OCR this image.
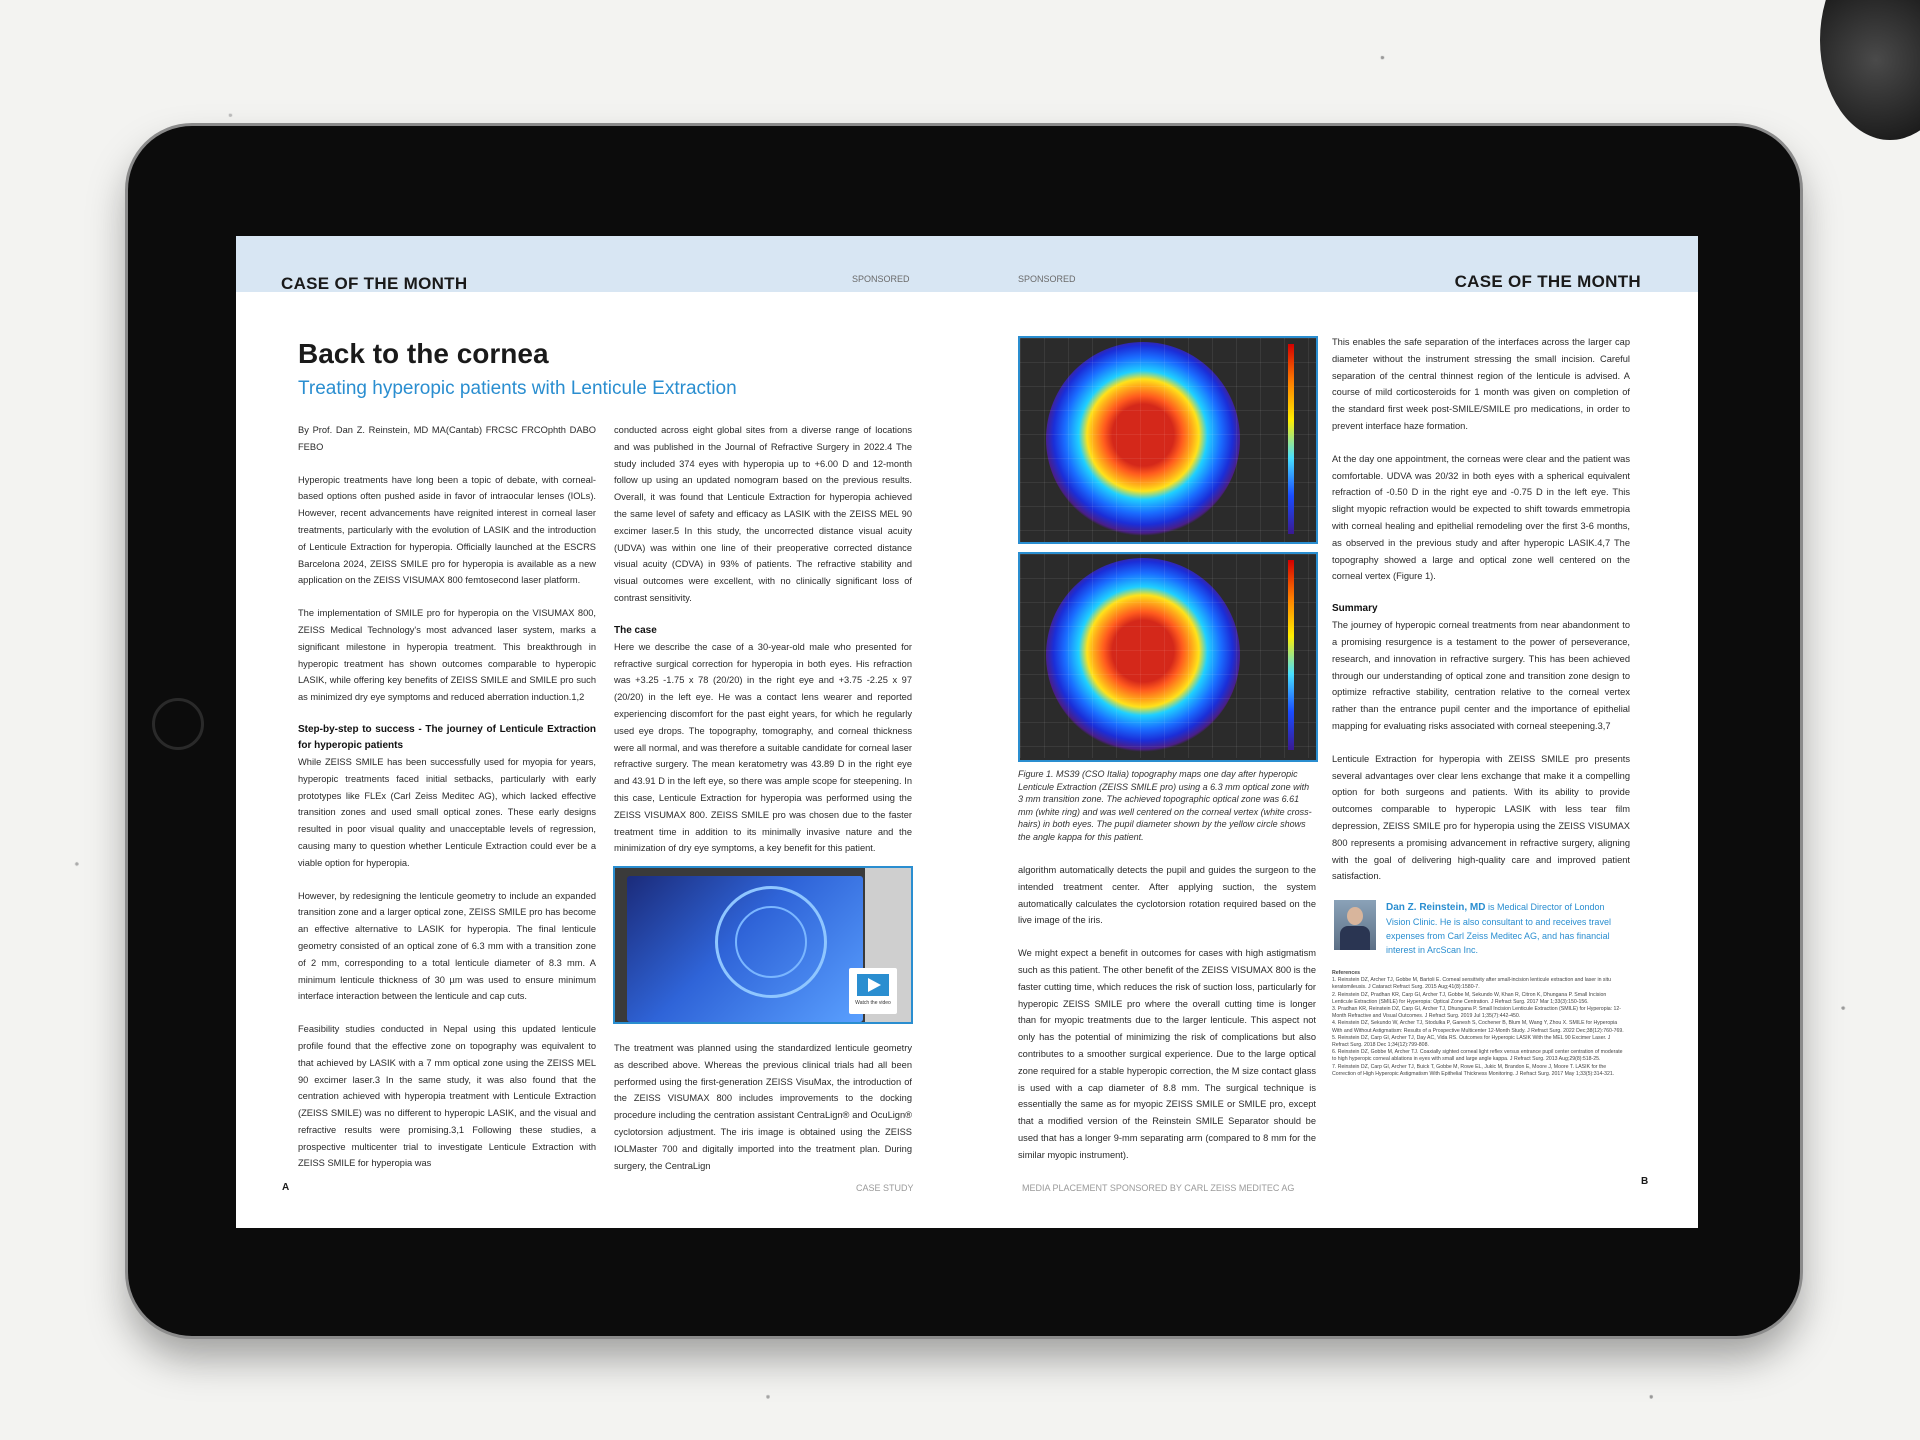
CASE OF THE MONTH	SPONSORED	SPONSORED	CASE OF THE MONTH
Back to the cornea
Treating hyperopic patients with Lenticule Extraction

By Prof. Dan Z. Reinstein, MD MA(Cantab) FRCSC FRCOphth DABO FEBO

Hyperopic treatments have long been a topic of debate, with corneal-based options often pushed aside in favor of intraocular lenses (IOLs). However, recent advancements have reignited interest in corneal laser treatments, particularly with the evolution of LASIK and the introduction of Lenticule Extraction for hyperopia. Officially launched at the ESCRS Barcelona 2024, ZEISS SMILE pro for hyperopia is available as a new application on the ZEISS VISUMAX 800 femtosecond laser platform.

The implementation of SMILE pro for hyperopia on the VISUMAX 800, ZEISS Medical Technology's most advanced laser system, marks a significant milestone in hyperopia treatment. This breakthrough in hyperopic treatment has shown outcomes comparable to hyperopic LASIK, while offering key benefits of ZEISS SMILE and SMILE pro such as minimized dry eye symptoms and reduced aberration induction.1,2

Step-by-step to success - The journey of Lenticule Extraction for hyperopic patients

While ZEISS SMILE has been successfully used for myopia for years, hyperopic treatments faced initial setbacks, particularly with early prototypes like FLEx (Carl Zeiss Meditec AG), which lacked effective transition zones and used small optical zones. These early designs resulted in poor visual quality and unacceptable levels of regression, causing many to question whether Lenticule Extraction could ever be a viable option for hyperopia.

However, by redesigning the lenticule geometry to include an expanded transition zone and a larger optical zone, ZEISS SMILE pro has become an effective alternative to LASIK for hyperopia. The final lenticule geometry consisted of an optical zone of 6.3 mm with a transition zone of 2 mm, corresponding to a total lenticule diameter of 8.3 mm. A minimum lenticule thickness of 30 µm was used to ensure minimum interface interaction between the lenticule and cap cuts.

Feasibility studies conducted in Nepal using this updated lenticule profile found that the effective zone on topography was equivalent to that achieved by LASIK with a 7 mm optical zone using the ZEISS MEL 90 excimer laser.3 In the same study, it was also found that the centration achieved with hyperopia treatment with Lenticule Extraction (ZEISS SMILE) was no different to hyperopic LASIK, and the visual and refractive results were promising.3,1 Following these studies, a prospective multicenter trial to investigate Lenticule Extraction with ZEISS SMILE for hyperopia was

conducted across eight global sites from a diverse range of locations and was published in the Journal of Refractive Surgery in 2022.4 The study included 374 eyes with hyperopia up to +6.00 D and 12-month follow up using an updated nomogram based on the previous results. Overall, it was found that Lenticule Extraction for hyperopia achieved the same level of safety and efficacy as LASIK with the ZEISS MEL 90 excimer laser.5 In this study, the uncorrected distance visual acuity (UDVA) was within one line of their preoperative corrected distance visual acuity (CDVA) in 93% of patients. The refractive stability and visual outcomes were excellent, with no clinically significant loss of contrast sensitivity.

The case

Here we describe the case of a 30-year-old male who presented for refractive surgical correction for hyperopia in both eyes. His refraction was +3.25 -1.75 x 78 (20/20) in the right eye and +3.75 -2.25 x 97 (20/20) in the left eye. He was a contact lens wearer and reported experiencing discomfort for the past eight years, for which he regularly used eye drops. The topography, tomography, and corneal thickness were all normal, and was therefore a suitable candidate for corneal laser refractive surgery. The mean keratometry was 43.89 D in the right eye and 43.91 D in the left eye, so there was ample scope for steepening. In this case, Lenticule Extraction for hyperopia was performed using the ZEISS VISUMAX 800. ZEISS SMILE pro was chosen due to the faster treatment time in addition to its minimally invasive nature and the minimization of dry eye symptoms, a key benefit for this patient.

Watch the video

The treatment was planned using the standardized lenticule geometry as described above. Whereas the previous clinical trials had all been performed using the first-generation ZEISS VisuMax, the introduction of the ZEISS VISUMAX 800 includes improvements to the docking procedure including the centration assistant CentraLign® and OcuLign® cyclotorsion adjustment. The iris image is obtained using the ZEISS IOLMaster 700 and digitally imported into the treatment plan. During surgery, the CentraLign

Figure 1. MS39 (CSO Italia) topography maps one day after hyperopic Lenticule Extraction (ZEISS SMILE pro) using a 6.3 mm optical zone with 3 mm transition zone. The achieved topographic optical zone was 6.61 mm (white ring) and was well centered on the corneal vertex (white cross-hairs) in both eyes. The pupil diameter shown by the yellow circle shows the angle kappa for this patient.

algorithm automatically detects the pupil and guides the surgeon to the intended treatment center. After applying suction, the system automatically calculates the cyclotorsion rotation required based on the live image of the iris.

We might expect a benefit in outcomes for cases with high astigmatism such as this patient. The other benefit of the ZEISS VISUMAX 800 is the faster cutting time, which reduces the risk of suction loss, particularly for hyperopic ZEISS SMILE pro where the overall cutting time is longer than for myopic treatments due to the larger lenticule. This aspect not only has the potential of minimizing the risk of complications but also contributes to a smoother surgical experience. Due to the large optical zone required for a stable hyperopic correction, the M size contact glass is used with a cap diameter of 8.8 mm. The surgical technique is essentially the same as for myopic ZEISS SMILE or SMILE pro, except that a modified version of the Reinstein SMILE Separator should be used that has a longer 9-mm separating arm (compared to 8 mm for the similar myopic instrument).

This enables the safe separation of the interfaces across the larger cap diameter without the instrument stressing the small incision. Careful separation of the central thinnest region of the lenticule is advised. A course of mild corticosteroids for 1 month was given on completion of the standard first week post-SMILE/SMILE pro medications, in order to prevent interface haze formation.

At the day one appointment, the corneas were clear and the patient was comfortable. UDVA was 20/32 in both eyes with a spherical equivalent refraction of -0.50 D in the right eye and -0.75 D in the left eye. This slight myopic refraction would be expected to shift towards emmetropia with corneal healing and epithelial remodeling over the first 3-6 months, as observed in the previous study and after hyperopic LASIK.4,7 The topography showed a large and optical zone well centered on the corneal vertex (Figure 1).

Summary

The journey of hyperopic corneal treatments from near abandonment to a promising resurgence is a testament to the power of perseverance, research, and innovation in refractive surgery. This has been achieved through our understanding of optical zone and transition zone design to optimize refractive stability, centration relative to the corneal vertex rather than the entrance pupil center and the importance of epithelial mapping for evaluating risks associated with corneal steepening.3,7

Lenticule Extraction for hyperopia with ZEISS SMILE pro presents several advantages over clear lens exchange that make it a compelling option for both surgeons and patients. With its ability to provide outcomes comparable to hyperopic LASIK with less tear film depression, ZEISS SMILE pro for hyperopia using the ZEISS VISUMAX 800 represents a promising advancement in refractive surgery, aligning with the goal of delivering high-quality care and improved patient satisfaction.

Dan Z. Reinstein, MD is Medical Director of London Vision Clinic. He is also consultant to and receives travel expenses from Carl Zeiss Meditec AG, and has financial interest in ArcScan Inc.
References
1. Reinstein DZ, Archer TJ, Gobbe M, Bartoli E. Corneal sensitivity after small-incision lenticule extraction and laser in situ keratomileusis. J Cataract Refract Surg. 2015 Aug;41(8):1580-7.
2. Reinstein DZ, Pradhan KR, Carp GI, Archer TJ, Gobbe M, Sekundo W, Khan R, Citron K, Dhungana P. Small Incision Lenticule Extraction (SMILE) for Hyperopia: Optical Zone Centration. J Refract Surg. 2017 Mar 1;33(3):150-156.
3. Pradhan KR, Reinstein DZ, Carp GI, Archer TJ, Dhungana P. Small Incision Lenticule Extraction (SMILE) for Hyperopia: 12-Month Refractive and Visual Outcomes. J Refract Surg. 2019 Jul 1;35(7):442-450.
4. Reinstein DZ, Sekundo W, Archer TJ, Stodulka P, Ganesh S, Cochener B, Blum M, Wang Y, Zhou X. SMILE for Hyperopia With and Without Astigmatism: Results of a Prospective Multicenter 12-Month Study. J Refract Surg. 2022 Dec;38(12):760-769.
5. Reinstein DZ, Carp GI, Archer TJ, Day AC, Vida RS. Outcomes for Hyperopic LASIK With the MEL 90 Excimer Laser. J Refract Surg. 2018 Dec 1;34(12):799-808.
6. Reinstein DZ, Gobbe M, Archer TJ. Coaxially sighted corneal light reflex versus entrance pupil center centration of moderate to high hyperopic corneal ablations in eyes with small and large angle kappa. J Refract Surg. 2013 Aug;29(8):518-25.
7. Reinstein DZ, Carp GI, Archer TJ, Buick T, Gobbe M, Rowe EL, Jukic M, Brandon E, Moore J, Moore T. LASIK for the Correction of High Hyperopic Astigmatism With Epithelial Thickness Monitoring. J Refract Surg. 2017 May 1;33(5):314-321.
A	CASE STUDY	MEDIA PLACEMENT SPONSORED BY CARL ZEISS MEDITEC AG
B
